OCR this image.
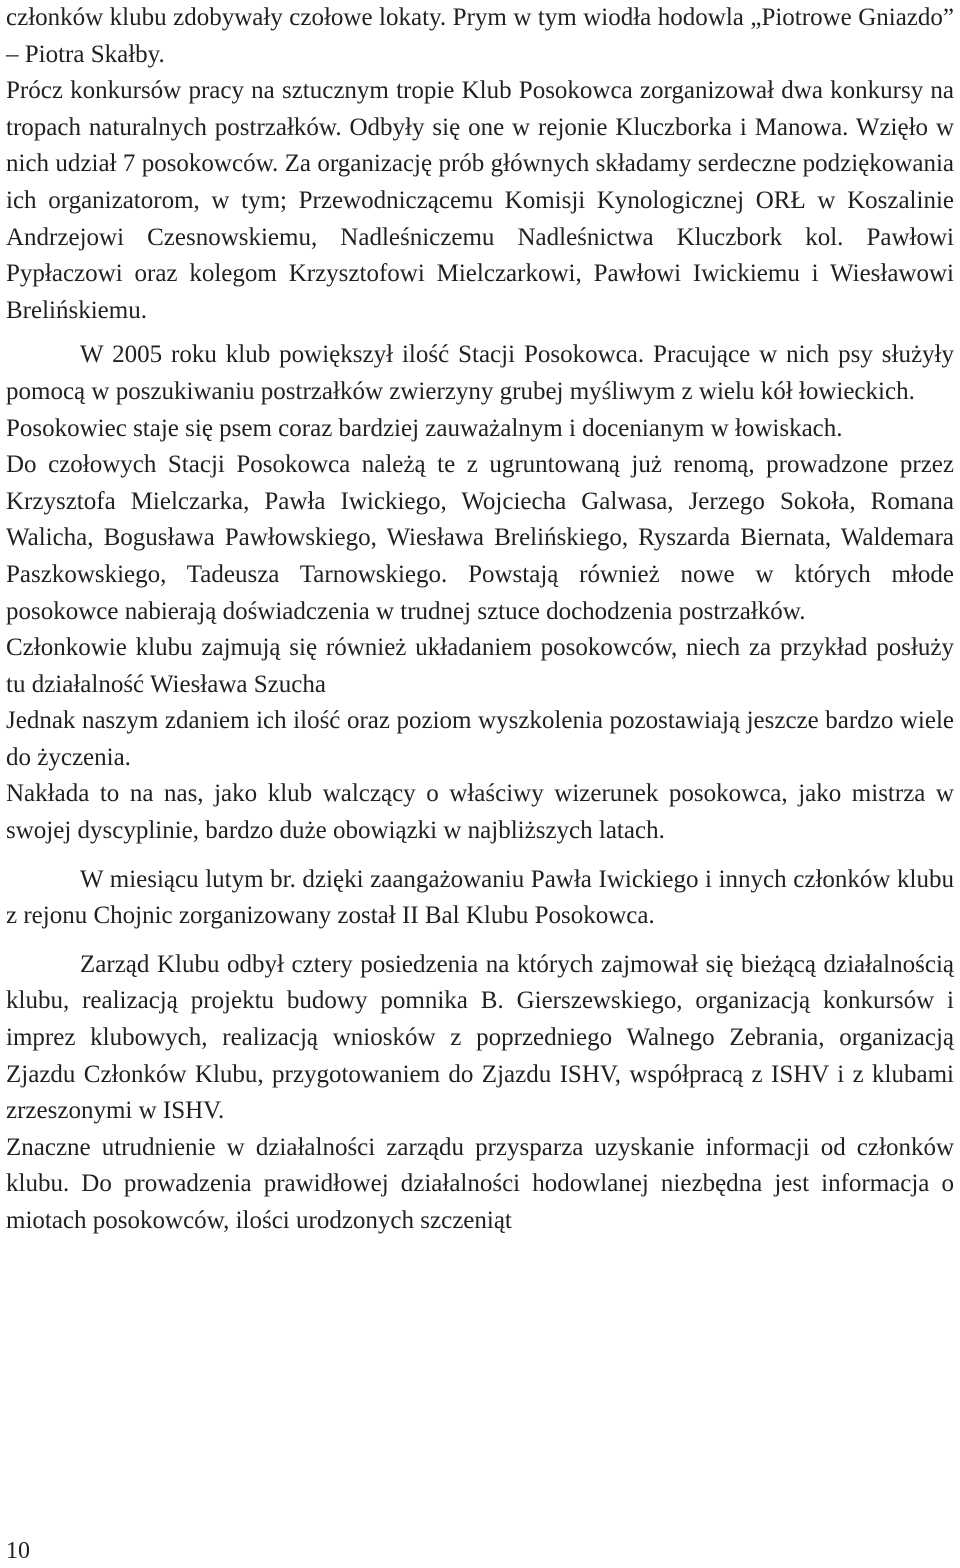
członków klubu zdobywały czołowe lokaty. Prym w tym wiodła hodowla „Piotrowe Gniazdo” – Piotra Skałby.

Prócz konkursów pracy na sztucznym tropie Klub Posokowca zorganizował dwa konkursy na tropach naturalnych postrzałków. Odbyły się one w rejonie Kluczborka i Manowa. Wzięło w nich udział 7 posokowców. Za organizację prób głównych składamy serdeczne podziękowania ich organizatorom, w tym; Przewodniczącemu Komisji Kynologicznej ORŁ w Koszalinie Andrzejowi Czesnowskiemu, Nadleśniczemu Nadleśnictwa Kluczbork kol. Pawłowi Pypłaczowi oraz kolegom Krzysztofowi Mielczarkowi, Pawłowi Iwickiemu i Wiesławowi Brelińskiemu.

W 2005 roku klub powiększył ilość Stacji Posokowca. Pracujące w nich psy służyły pomocą w poszukiwaniu postrzałków zwierzyny grubej myśliwym z wielu kół łowieckich.

Posokowiec staje się psem coraz bardziej zauważalnym i docenianym w łowiskach.

Do czołowych Stacji Posokowca należą te z ugruntowaną już renomą, prowadzone przez Krzysztofa Mielczarka, Pawła Iwickiego, Wojciecha Galwasa, Jerzego Sokoła, Romana Walicha, Bogusława Pawłowskiego, Wiesława Brelińskiego, Ryszarda Biernata, Waldemara Paszkowskiego, Tadeusza Tarnowskiego. Powstają również nowe w których młode posokowce nabierają doświadczenia w trudnej sztuce dochodzenia postrzałków.

Członkowie klubu zajmują się również układaniem posokowców, niech za przykład posłuży tu działalność Wiesława Szucha

Jednak naszym zdaniem ich ilość oraz poziom wyszkolenia pozostawiają jeszcze bardzo wiele do życzenia.

Nakłada to na nas, jako klub walczący o właściwy wizerunek posokowca, jako mistrza w swojej dyscyplinie, bardzo duże obowiązki w najbliższych latach.

W miesiącu lutym br. dzięki zaangażowaniu Pawła Iwickiego i innych członków klubu z rejonu Chojnic zorganizowany został II Bal Klubu Posokowca.

Zarząd Klubu odbył cztery posiedzenia na których zajmował się bieżącą działalnością klubu, realizacją projektu budowy pomnika B. Gierszewskiego, organizacją konkursów i imprez klubowych, realizacją wniosków z poprzedniego Walnego Zebrania, organizacją Zjazdu Członków Klubu, przygotowaniem do Zjazdu ISHV, współpracą z ISHV i z klubami zrzeszonymi w ISHV.

Znaczne utrudnienie w działalności zarządu przysparza uzyskanie informacji od członków klubu. Do prowadzenia prawidłowej działalności hodowlanej niezbędna jest informacja o miotach posokowców, ilości urodzonych szczeniąt

10
